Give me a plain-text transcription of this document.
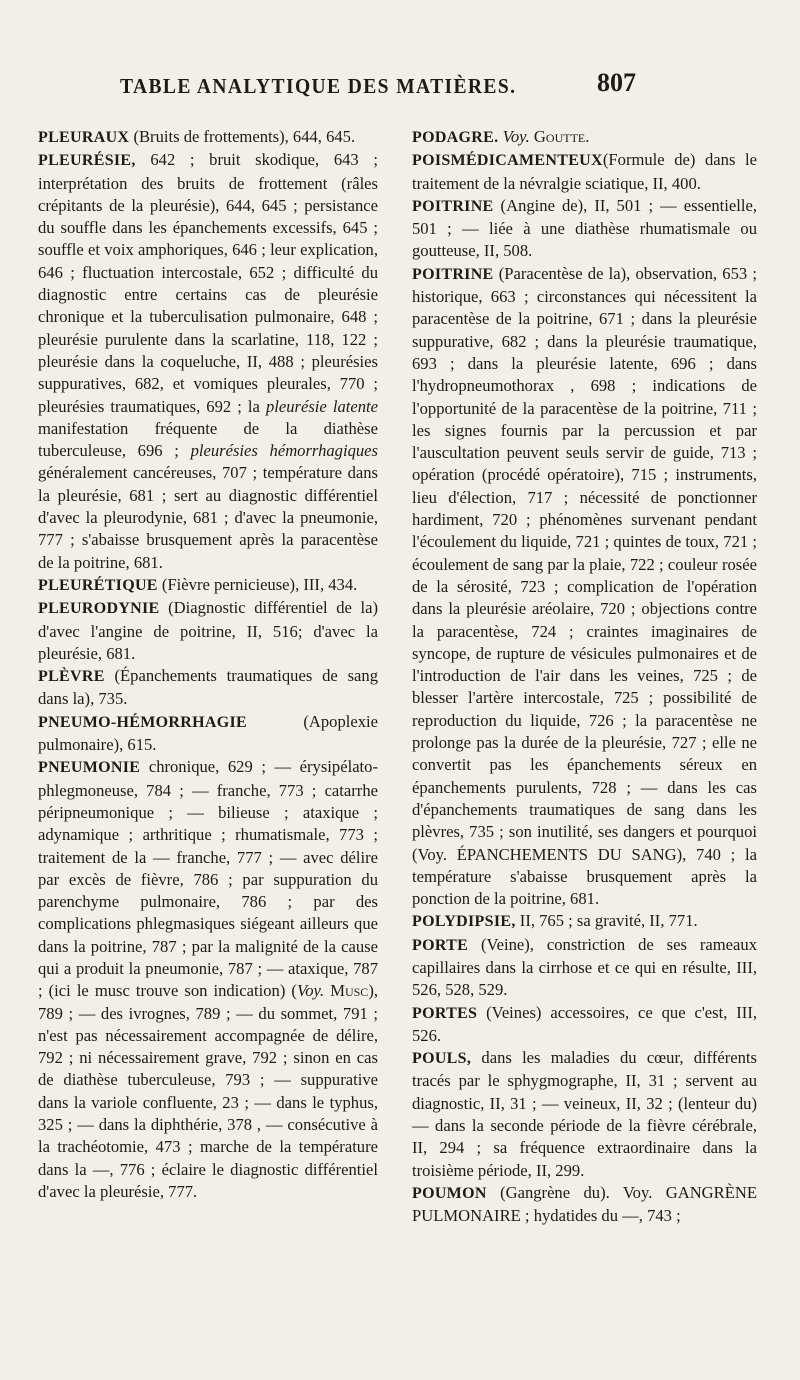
TABLE ANALYTIQUE DES MATIÈRES.	807

PLEURAUX (Bruits de frottements), 644, 645.

PLEURÉSIE, 642 ; bruit skodique, 643 ; interprétation des bruits de frottement (râles crépitants de la pleurésie), 644, 645 ; persistance du souffle dans les épanchements excessifs, 645 ; souffle et voix amphoriques, 646 ; leur explication, 646 ; fluctuation intercostale, 652 ; difficulté du diagnostic entre certains cas de pleurésie chronique et la tuberculisation pulmonaire, 648 ; pleurésie purulente dans la scarlatine, 118, 122 ; pleurésie dans la coqueluche, II, 488 ; pleurésies suppuratives, 682, et vomiques pleurales, 770 ; pleurésies traumatiques, 692 ; la pleurésie latente manifestation fréquente de la diathèse tuberculeuse, 696 ; pleurésies hémorrhagiques généralement cancéreuses, 707 ; température dans la pleurésie, 681 ; sert au diagnostic différentiel d'avec la pleurodynie, 681 ; d'avec la pneumonie, 777 ; s'abaisse brusquement après la paracentèse de la poitrine, 681.

PLEURÉTIQUE (Fièvre pernicieuse), III, 434.

PLEURODYNIE (Diagnostic différentiel de la) d'avec l'angine de poitrine, II, 516; d'avec la pleurésie, 681.

PLÈVRE (Épanchements traumatiques de sang dans la), 735.

PNEUMO-HÉMORRHAGIE (Apoplexie pulmonaire), 615.

PNEUMONIE chronique, 629 ; — érysipélato-phlegmoneuse, 784 ; — franche, 773 ; catarrhe péripneumonique ; — bilieuse ; ataxique ; adynamique ; arthritique ; rhumatismale, 773 ; traitement de la — franche, 777 ; — avec délire par excès de fièvre, 786 ; par suppuration du parenchyme pulmonaire, 786 ; par des complications phlegmasiques siégeant ailleurs que dans la poitrine, 787 ; par la malignité de la cause qui a produit la pneumonie, 787 ; — ataxique, 787 ; (ici le musc trouve son indication) (Voy. Musc), 789 ; — des ivrognes, 789 ; — du sommet, 791 ; n'est pas nécessairement accompagnée de délire, 792 ; ni nécessairement grave, 792 ; sinon en cas de diathèse tuberculeuse, 793 ; — suppurative dans la variole confluente, 23 ; — dans le typhus, 325 ; — dans la diphthérie, 378 , — consécutive à la trachéotomie, 473 ; marche de la température dans la —, 776 ; éclaire le diagnostic différentiel d'avec la pleurésie, 777.

PODAGRE. Voy. Goutte.

POISMÉDICAMENTEUX(Formule de) dans le traitement de la névralgie sciatique, II, 400.

POITRINE (Angine de), II, 501 ; — essentielle, 501 ; — liée à une diathèse rhumatismale ou goutteuse, II, 508.

POITRINE (Paracentèse de la), observation, 653 ; historique, 663 ; circonstances qui nécessitent la paracentèse de la poitrine, 671 ; dans la pleurésie suppurative, 682 ; dans la pleurésie traumatique, 693 ; dans la pleurésie latente, 696 ; dans l'hydropneumothorax , 698 ; indications de l'opportunité de la paracentèse de la poitrine, 711 ; les signes fournis par la percussion et par l'auscultation peuvent seuls servir de guide, 713 ; opération (procédé opératoire), 715 ; instruments, lieu d'élection, 717 ; nécessité de ponctionner hardiment, 720 ; phénomènes survenant pendant l'écoulement du liquide, 721 ; quintes de toux, 721 ; écoulement de sang par la plaie, 722 ; couleur rosée de la sérosité, 723 ; complication de l'opération dans la pleurésie aréolaire, 720 ; objections contre la paracentèse, 724 ; craintes imaginaires de syncope, de rupture de vésicules pulmonaires et de l'introduction de l'air dans les veines, 725 ; de blesser l'artère intercostale, 725 ; possibilité de reproduction du liquide, 726 ; la paracentèse ne prolonge pas la durée de la pleurésie, 727 ; elle ne convertit pas les épanchements séreux en épanchements purulents, 728 ; — dans les cas d'épanchements traumatiques de sang dans les plèvres, 735 ; son inutilité, ses dangers et pourquoi (Voy. ÉPANCHEMENTS DU SANG), 740 ; la température s'abaisse brusquement après la ponction de la poitrine, 681.

POLYDIPSIE, II, 765 ; sa gravité, II, 771.

PORTE (Veine), constriction de ses rameaux capillaires dans la cirrhose et ce qui en résulte, III, 526, 528, 529.

PORTES (Veines) accessoires, ce que c'est, III, 526.

POULS, dans les maladies du cœur, différents tracés par le sphygmographe, II, 31 ; servent au diagnostic, II, 31 ; — veineux, II, 32 ; (lenteur du) — dans la seconde période de la fièvre cérébrale, II, 294 ; sa fréquence extraordinaire dans la troisième période, II, 299.

POUMON (Gangrène du). Voy. GANGRÈNE PULMONAIRE ; hydatides du —, 743 ;
